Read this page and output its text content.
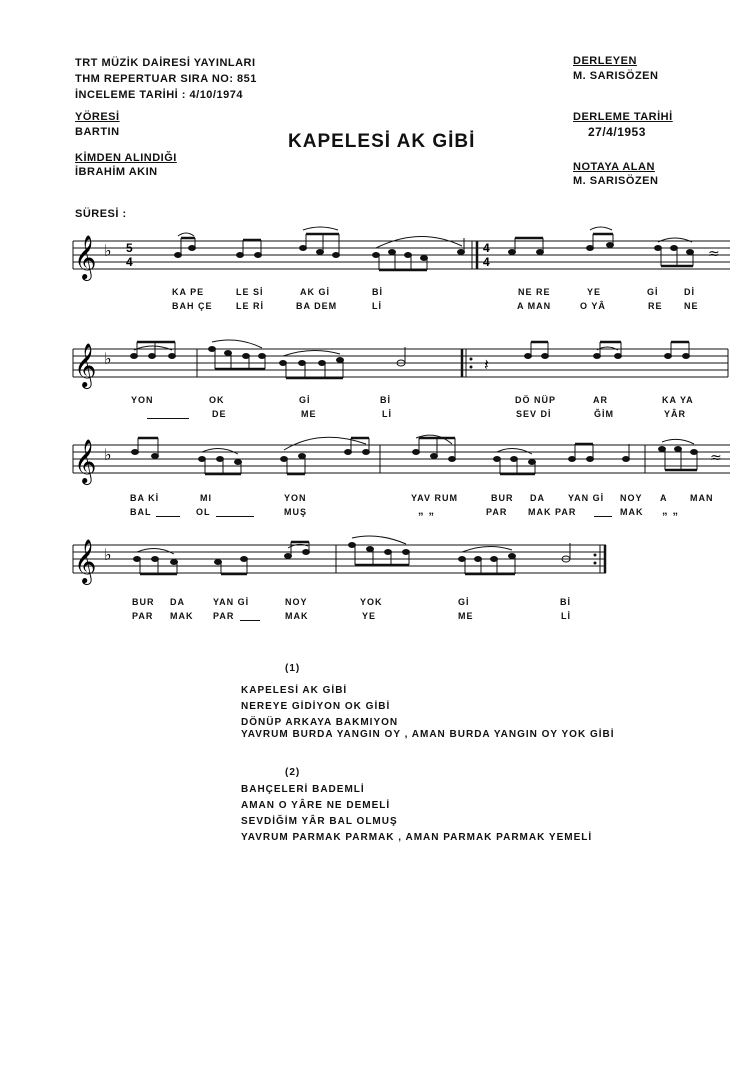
TRT MÜZİK DAİRESİ YAYINLARI
THM REPERTUAR SIRA NO: 851
İNCELEME TARİHİ : 4/10/1974
YÖRESİ
BARTIN
KİMDEN ALINDIĞI
İBRAHİM AKIN
SÜRESİ :
DERLEYEN
M. SARISÖZEN
DERLEME TARİHİ
27/4/1953
NOTAYA ALAN
M. SARISÖZEN
KAPELESİ AK GİBİ
𝄞 ♭ 5
4
4
4	≈
KA PE	LE Sİ	AK Gİ	Bİ	NE RE	YE	Gİ	Dİ
BAH ÇE	LE Rİ	BA DEM	Lİ	A MAN	O YÂ	RE NE
𝄞 ♭	𝄽
YON	OK	Gİ	Bİ	DÖ NÜP	AR	KA YA
DE	ME	Lİ	SEV Dİ	ĞİM	YÂR
𝄞 ♭	≈
BA Kİ	MI	YON	YAV RUM	BUR DA	YAN Gİ NOY A	MAN
BAL	OL	MUŞ	„ „	PAR MAK PAR	MAK „ „
𝄞 ♭
BUR DA	YAN Gİ	NOY	YOK	Gİ	Bİ
PAR MAK PAR	MAK	YE	ME	Lİ
(1)
KAPELESİ AK GİBİ
NEREYE GİDİYON OK GİBİ
DÖNÜP ARKAYA BAKMIYON
YAVRUM BURDA YANGIN OY , AMAN BURDA YANGIN OY YOK GİBİ
(2)
BAHÇELERİ BADEMLİ
AMAN O YÂRE NE DEMELİ
SEVDİĞİM YÂR BAL OLMUŞ
YAVRUM PARMAK PARMAK , AMAN PARMAK PARMAK YEMELİ
